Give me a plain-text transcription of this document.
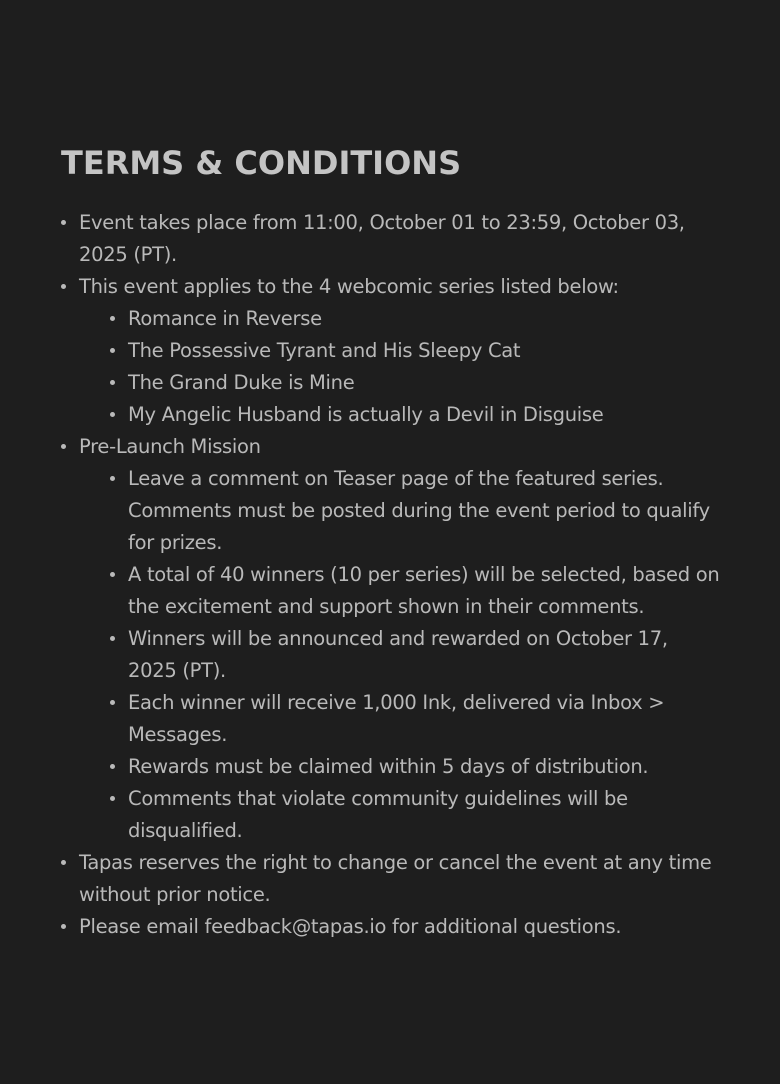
TERMS & CONDITIONS
Event takes place from 11:00, October 01 to 23:59, October 03, 2025 (PT).
This event applies to the 4 webcomic series listed below:
Romance in Reverse
The Possessive Tyrant and His Sleepy Cat
The Grand Duke is Mine
My Angelic Husband is actually a Devil in Disguise
Pre-Launch Mission
Leave a comment on Teaser page of the featured series. Comments must be posted during the event period to qualify for prizes.
A total of 40 winners (10 per series) will be selected, based on the excitement and support shown in their comments.
Winners will be announced and rewarded on October 17, 2025 (PT).
Each winner will receive 1,000 Ink, delivered via Inbox > Messages.
Rewards must be claimed within 5 days of distribution.
Comments that violate community guidelines will be disqualified.
Tapas reserves the right to change or cancel the event at any time without prior notice.
Please email feedback@tapas.io for additional questions.
